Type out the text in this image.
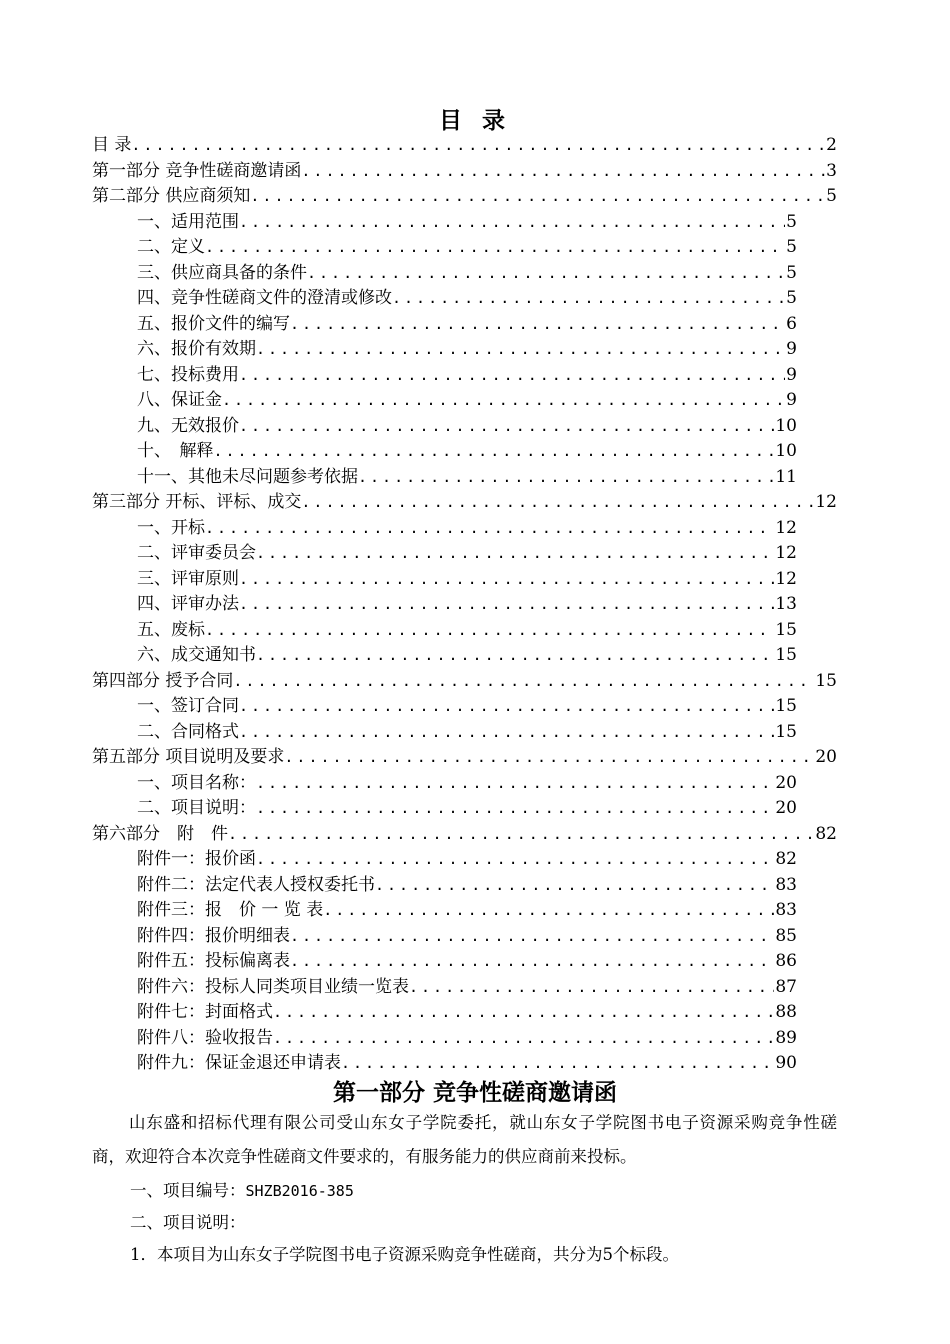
目 录
目 录 .....	2
第一部分 竞争性磋商邀请函 .....	3
第二部分 供应商须知 .....	5
一、适用范围 .....	5
二、定义 .....	5
三、供应商具备的条件 .....	5
四、竞争性磋商文件的澄清或修改 .....	5
五、报价文件的编写 .....	6
六、报价有效期 .....	9
七、投标费用 .....	9
八、保证金 .....	9
九、无效报价 .....	10
十、　解释 .....	10
十一、其他未尽问题参考依据 .....	11
第三部分 开标、评标、成交 .....	12
一、开标 .....	12
二、评审委员会 .....	12
三、评审原则 .....	12
四、评审办法 .....	13
五、废标 .....	15
六、成交通知书 .....	15
第四部分 授予合同 .....	15
一、签订合同 .....	15
二、合同格式 .....	15
第五部分 项目说明及要求 .....	20
一、项目名称： .....	20
二、项目说明： .....	20
第六部分　附　件 .....	82
附件一：报价函 .....	82
附件二：法定代表人授权委托书 .....	83
附件三：报　价 一 览 表 .....	83
附件四：报价明细表 .....	85
附件五：投标偏离表 .....	86
附件六：投标人同类项目业绩一览表 .....	87
附件七：封面格式 .....	88
附件八：验收报告 .....	89
附件九：保证金退还申请表 .....	90
第一部分 竞争性磋商邀请函
山东盛和招标代理有限公司受山东女子学院委托，就山东女子学院图书电子资源采购竞争性磋商，欢迎符合本次竞争性磋商文件要求的，有服务能力的供应商前来投标。
一、项目编号：SHZB2016-385
二、项目说明：
1．本项目为山东女子学院图书电子资源采购竞争性磋商，共分为5个标段。
